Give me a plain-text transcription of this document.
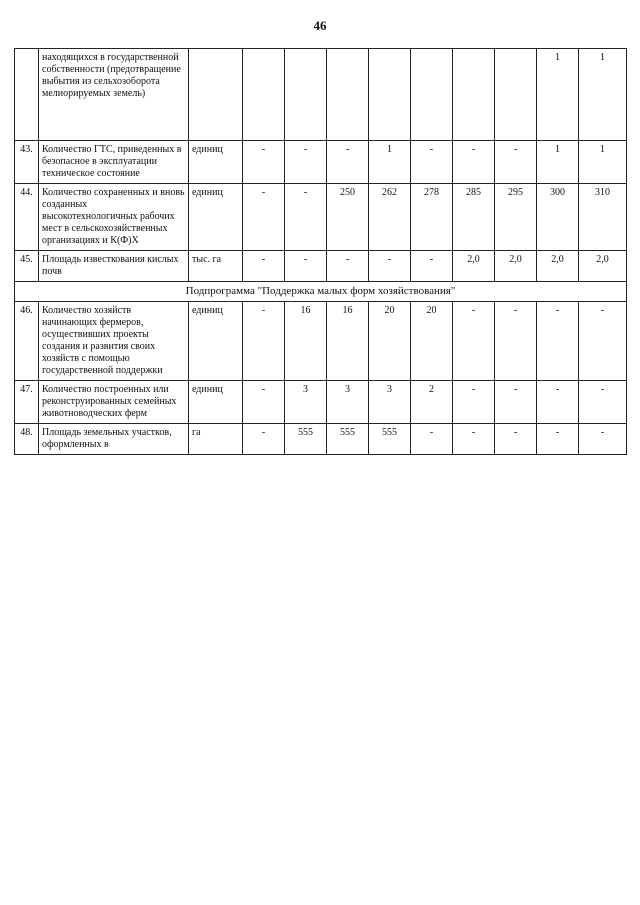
46
	находящихся в государственной собственности (предотвращение выбытия из сельхозоборота мелиорируемых земель)									1	1
43.	Количество ГТС, приведенных в безопасное в эксплуатации техническое состояние	единиц	-	-	-	1	-	-	-	1	1
44.	Количество сохраненных и вновь созданных высокотехнологичных рабочих мест в сельскохозяйственных организациях и К(Ф)Х	единиц	-	-	250	262	278	285	295	300	310
45.	Площадь известкования кислых почв	тыс. га	-	-	-	-	-	2,0	2,0	2,0	2,0
Подпрограмма "Поддержка малых форм хозяйствования"											
46.	Количество хозяйств начинающих фермеров, осуществивших проекты создания и развития своих хозяйств с помощью государственной поддержки	единиц	-	16	16	20	20	-	-	-	-
47.	Количество построенных или реконструированных семейных животноводческих ферм	единиц	-	3	3	3	2	-	-	-	-
48.	Площадь земельных участков, оформленных в	га	-	555	555	555	-	-	-	-	-
